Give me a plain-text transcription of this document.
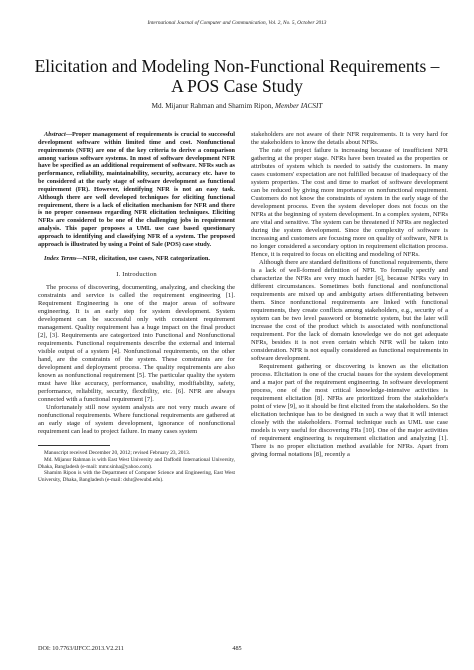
International Journal of Computer and Communication, Vol. 2, No. 5, October 2013
Elicitation and Modeling Non-Functional Requirements –
A POS Case Study
Md. Mijanur Rahman and Shamim Ripon, Member IACSIT

Abstract—Proper management of requirements is crucial to successful development software within limited time and cost. Nonfunctional requirements (NFR) are one of the key criteria to derive a comparison among various software systems. In most of software development NFR have be specified as an additional requirement of software. NFRs such as performance, reliability, maintainability, security, accuracy etc. have to be considered at the early stage of software development as functional requirement (FR). However, identifying NFR is not an easy task. Although there are well developed techniques for eliciting functional requirement, there is a lack of elicitation mechanism for NFR and there is no proper consensus regarding NFR elicitation techniques. Eliciting NFRs are considered to be one of the challenging jobs in requirement analysis. This paper proposes a UML use case based questionary approach to identifying and classifying NFR of a system. The proposed approach is illustrated by using a Point of Sale (POS) case study.

Index Terms—NFR, elicitation, use cases, NFR categorization.

I. Introduction

The process of discovering, documenting, analyzing, and checking the constraints and service is called the requirement engineering [1]. Requirement Engineering is one of the major areas of software engineering. It is an early step for system development. System development can be successful only with consistent requirement management. Quality requirement has a huge impact on the final product [2], [3]. Requirements are categorized into Functional and Nonfunctional requirements. Functional requirements describe the external and internal visible output of a system [4]. Nonfunctional requirements, on the other hand, are the constraints of the system. These constraints are for development and deployment process. The quality requirements are also known as nonfunctional requirement [5]. The particular quality the system must have like accuracy, performance, usability, modifiability, safety, performance, reliability, security, flexibility, etc. [6]. NFR are always connected with a functional requirement [7].

Unfortunately still now system analysts are not very much aware of nonfunctional requirements. Where functional requirements are gathered at an early stage of system development, ignorance of nonfunctional requirement can lead to project failure. In many cases system

Manuscript received December 20, 2012; revised February 23, 2013.

Md. Mijanur Rahman is with East West University and Daffodil International University, Dhaka, Bangladesh (e-mail: mmr.sinha@yahoo.com).

Shamim Ripon is with the Department of Computer Science and Engineering, East West University, Dhaka, Bangladesh (e-mail: dshr@ewubd.edu).

stakeholders are not aware of their NFR requirements. It is very hard for the stakeholders to know the details about NFRs.

The rate of project failure is increasing because of insufficient NFR gathering at the proper stage. NFRs have been treated as the properties or attributes of system which is needed to satisfy the customers. In many cases customers' expectation are not fulfilled because of inadequacy of the system properties. The cost and time to market of software development can be reduced by giving more importance on nonfunctional requirement. Customers do not know the constraints of system in the early stage of the development process. Even the system developer does not focus on the NFRs at the beginning of system development. In a complex system, NFRs are vital and sensitive. The system can be threatened if NFRs are neglected during the system development. Since the complexity of software is increasing and customers are focusing more on quality of software, NFR is no longer considered a secondary option in requirement elicitation process. Hence, it is required to focus on eliciting and modeling of NFRs.

Although there are standard definitions of functional requirements, there is a lack of well-formed definition of NFR. To formally specify and characterize the NFRs are very much harder [6], because NFRs vary in different circumstances. Sometimes both functional and nonfunctional requirements are mixed up and ambiguity arises differentiating between them. Since nonfunctional requirements are linked with functional requirements, they create conflicts among stakeholders, e.g., security of a system can be two level password or biometric system, but the later will increase the cost of the product which is associated with nonfunctional requirement. For the lack of domain knowledge we do not get adequate NFRs, besides it is not even certain which NFR will be taken into consideration. NFR is not equally considered as functional requirements in software development.

Requirement gathering or discovering is known as the elicitation process. Elicitation is one of the crucial issues for the system development and a major part of the requirement engineering. In software development process, one of the most critical knowledge-intensive activities is requirement elicitation [8]. NFRs are prioritized from the stakeholder's point of view [9], so it should be first elicited from the stakeholders. So the elicitation technique has to be designed in such a way that it will interact closely with the stakeholders. Formal technique such as UML use case models is very useful for discovering FRs [10]. One of the major activities of requirement engineering is requirement elicitation and analyzing [1]. There is no proper elicitation method available for NFRs. Apart from giving formal notations [8], recently a

DOI: 10.7763/IJFCC.2013.V2.211	485
